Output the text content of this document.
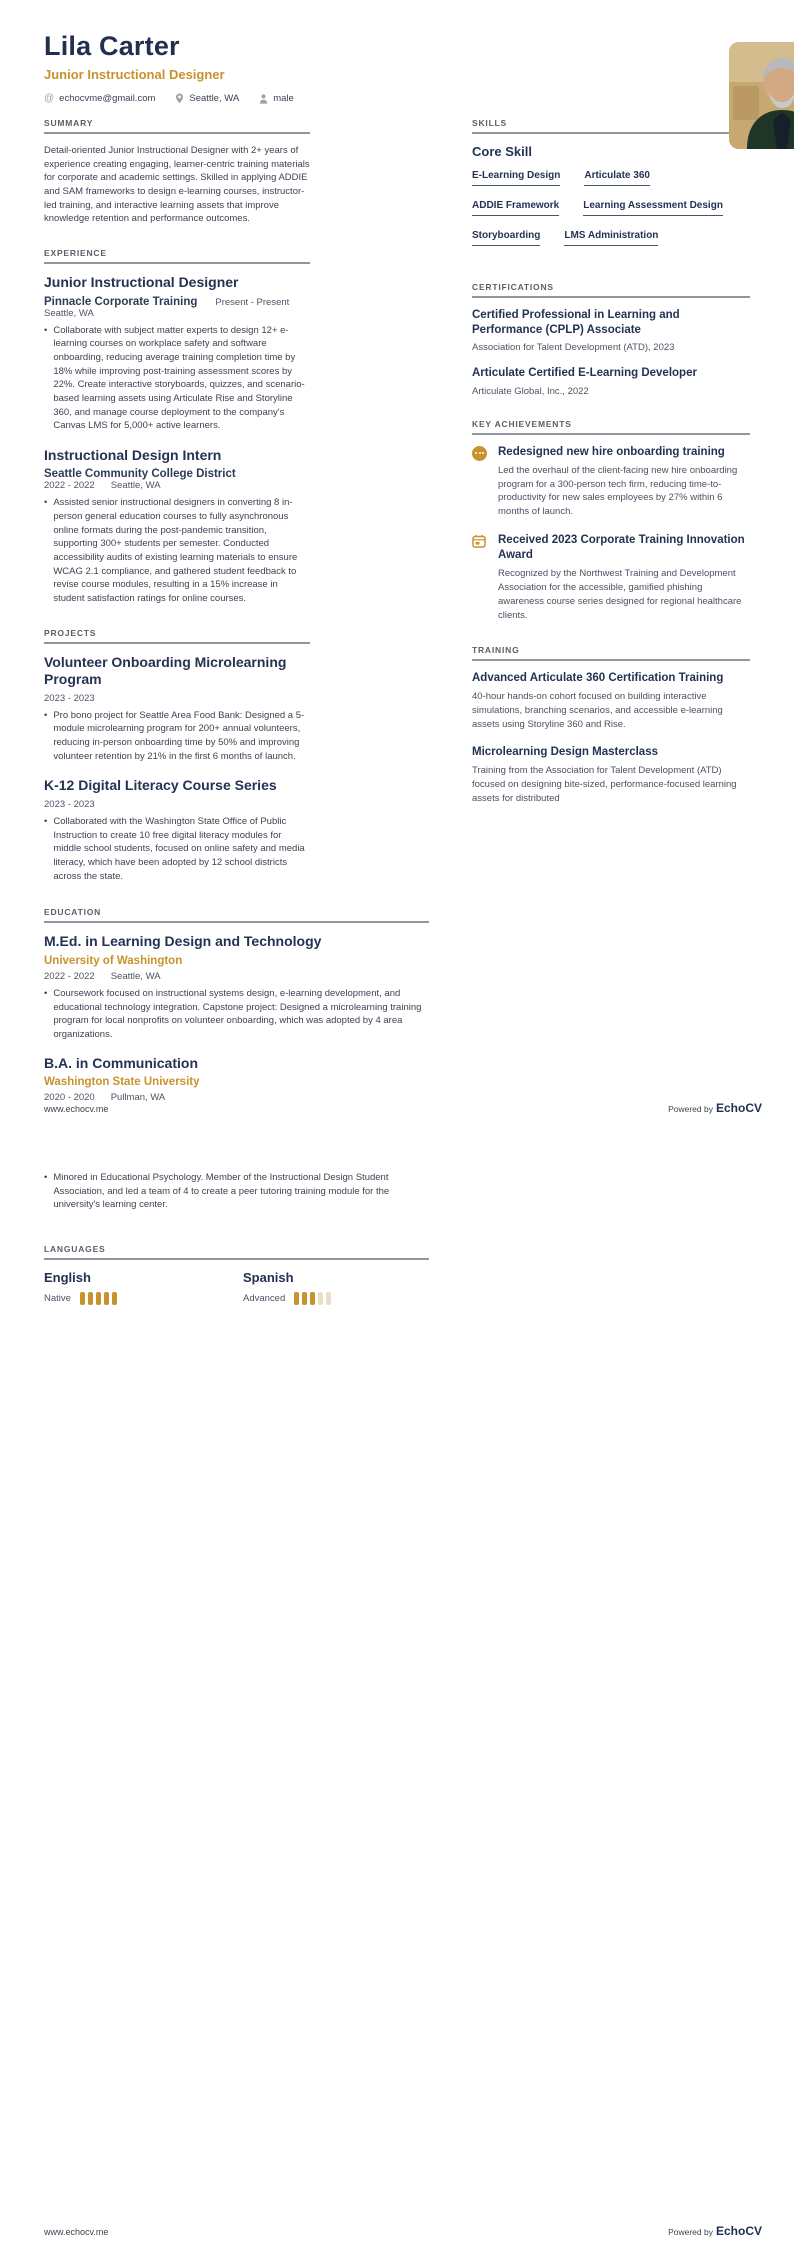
Lila Carter
Junior Instructional Designer
@ echocvme@gmail.com	Seattle, WA	male
SUMMARY
Detail-oriented Junior Instructional Designer with 2+ years of experience creating engaging, learner-centric training materials for corporate and academic settings. Skilled in applying ADDIE and SAM frameworks to design e-learning courses, instructor-led training, and interactive learning assets that improve knowledge retention and performance outcomes.
EXPERIENCE
Junior Instructional Designer
Pinnacle Corporate Training Present - Present
Seattle, WA
• Collaborate with subject matter experts to design 12+ e-learning courses on workplace safety and software onboarding, reducing average training completion time by 18% while improving post-training assessment scores by 22%. Create interactive storyboards, quizzes, and scenario-based learning assets using Articulate Rise and Storyline 360, and manage course deployment to the company's Canvas LMS for 5,000+ active learners.
Instructional Design Intern
Seattle Community College District
2022 - 2022 Seattle, WA
• Assisted senior instructional designers in converting 8 in-person general education courses to fully asynchronous online formats during the post-pandemic transition, supporting 300+ students per semester. Conducted accessibility audits of existing learning materials to ensure WCAG 2.1 compliance, and gathered student feedback to revise course modules, resulting in a 15% increase in student satisfaction ratings for online courses.
PROJECTS
Volunteer Onboarding Microlearning Program
2023 - 2023
• Pro bono project for Seattle Area Food Bank: Designed a 5-module microlearning program for 200+ annual volunteers, reducing in-person onboarding time by 50% and improving volunteer retention by 21% in the first 6 months of launch.
K-12 Digital Literacy Course Series
2023 - 2023
• Collaborated with the Washington State Office of Public Instruction to create 10 free digital literacy modules for middle school students, focused on online safety and media literacy, which have been adopted by 12 school districts across the state.
SKILLS
Core Skill
E-Learning Design Articulate 360
ADDIE Framework Learning Assessment Design
Storyboarding LMS Administration
CERTIFICATIONS
Certified Professional in Learning and Performance (CPLP) Associate
Association for Talent Development (ATD), 2023
Articulate Certified E-Learning Developer
Articulate Global, Inc., 2022
KEY ACHIEVEMENTS
Redesigned new hire onboarding training
Led the overhaul of the client-facing new hire onboarding program for a 300-person tech firm, reducing time-to-productivity for new sales employees by 27% within 6 months of launch.
Received 2023 Corporate Training Innovation Award
Recognized by the Northwest Training and Development Association for the accessible, gamified phishing awareness course series designed for regional healthcare clients.
TRAINING
Advanced Articulate 360 Certification Training
40-hour hands-on cohort focused on building interactive simulations, branching scenarios, and accessible e-learning assets using Storyline 360 and Rise.
Microlearning Design Masterclass
Training from the Association for Talent Development (ATD) focused on designing bite-sized, performance-focused learning assets for distributed
EDUCATION
M.Ed. in Learning Design and Technology
University of Washington
2022 - 2022 Seattle, WA
• Coursework focused on instructional systems design, e-learning development, and educational technology integration. Capstone project: Designed a microlearning training program for local nonprofits on volunteer onboarding, which was adopted by 4 area organizations.
B.A. in Communication
Washington State University
2020 - 2020 Pullman, WA
www.echocv.me	Powered by EchoCV
• Minored in Educational Psychology. Member of the Instructional Design Student Association, and led a team of 4 to create a peer tutoring training module for the university's learning center.
LANGUAGES
English
Native
Spanish
Advanced
www.echocv.me	Powered by EchoCV
